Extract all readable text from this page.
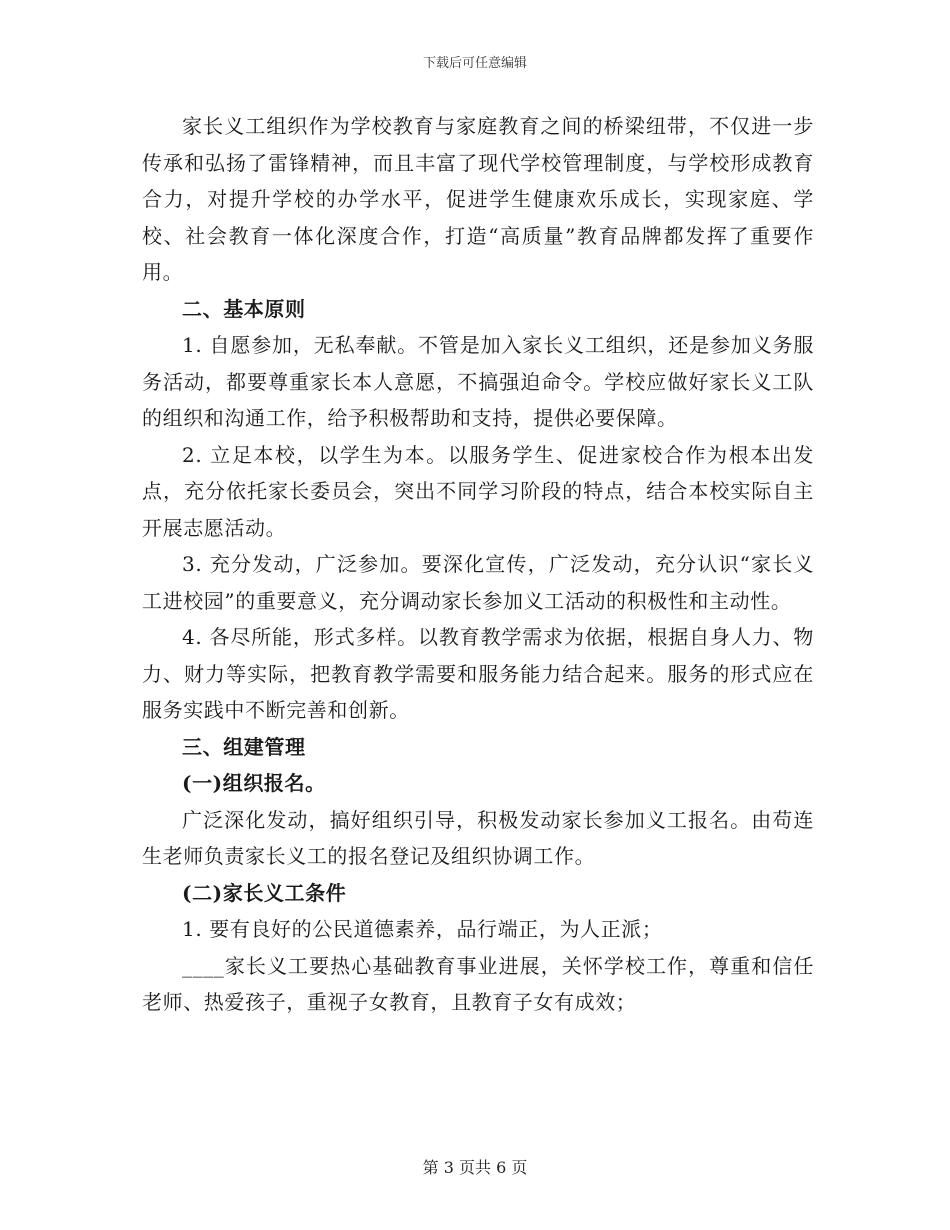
下载后可任意编辑

家长义工组织作为学校教育与家庭教育之间的桥梁纽带，不仅进一步传承和弘扬了雷锋精神，而且丰富了现代学校管理制度，与学校形成教育合力，对提升学校的办学水平，促进学生健康欢乐成长，实现家庭、学校、社会教育一体化深度合作，打造“高质量”教育品牌都发挥了重要作用。

二、基本原则

1. 自愿参加，无私奉献。不管是加入家长义工组织，还是参加义务服务活动，都要尊重家长本人意愿，不搞强迫命令。学校应做好家长义工队的组织和沟通工作，给予积极帮助和支持，提供必要保障。

2. 立足本校，以学生为本。以服务学生、促进家校合作为根本出发点，充分依托家长委员会，突出不同学习阶段的特点，结合本校实际自主开展志愿活动。

3. 充分发动，广泛参加。要深化宣传，广泛发动，充分认识“家长义工进校园”的重要意义，充分调动家长参加义工活动的积极性和主动性。

4. 各尽所能，形式多样。以教育教学需求为依据，根据自身人力、物力、财力等实际，把教育教学需要和服务能力结合起来。服务的形式应在服务实践中不断完善和创新。

三、组建管理

(一)组织报名。

广泛深化发动，搞好组织引导，积极发动家长参加义工报名。由苟连生老师负责家长义工的报名登记及组织协调工作。

(二)家长义工条件

1. 要有良好的公民道德素养，品行端正，为人正派；

____家长义工要热心基础教育事业进展，关怀学校工作，尊重和信任老师、热爱孩子，重视子女教育，且教育子女有成效；

第 3 页共 6 页
